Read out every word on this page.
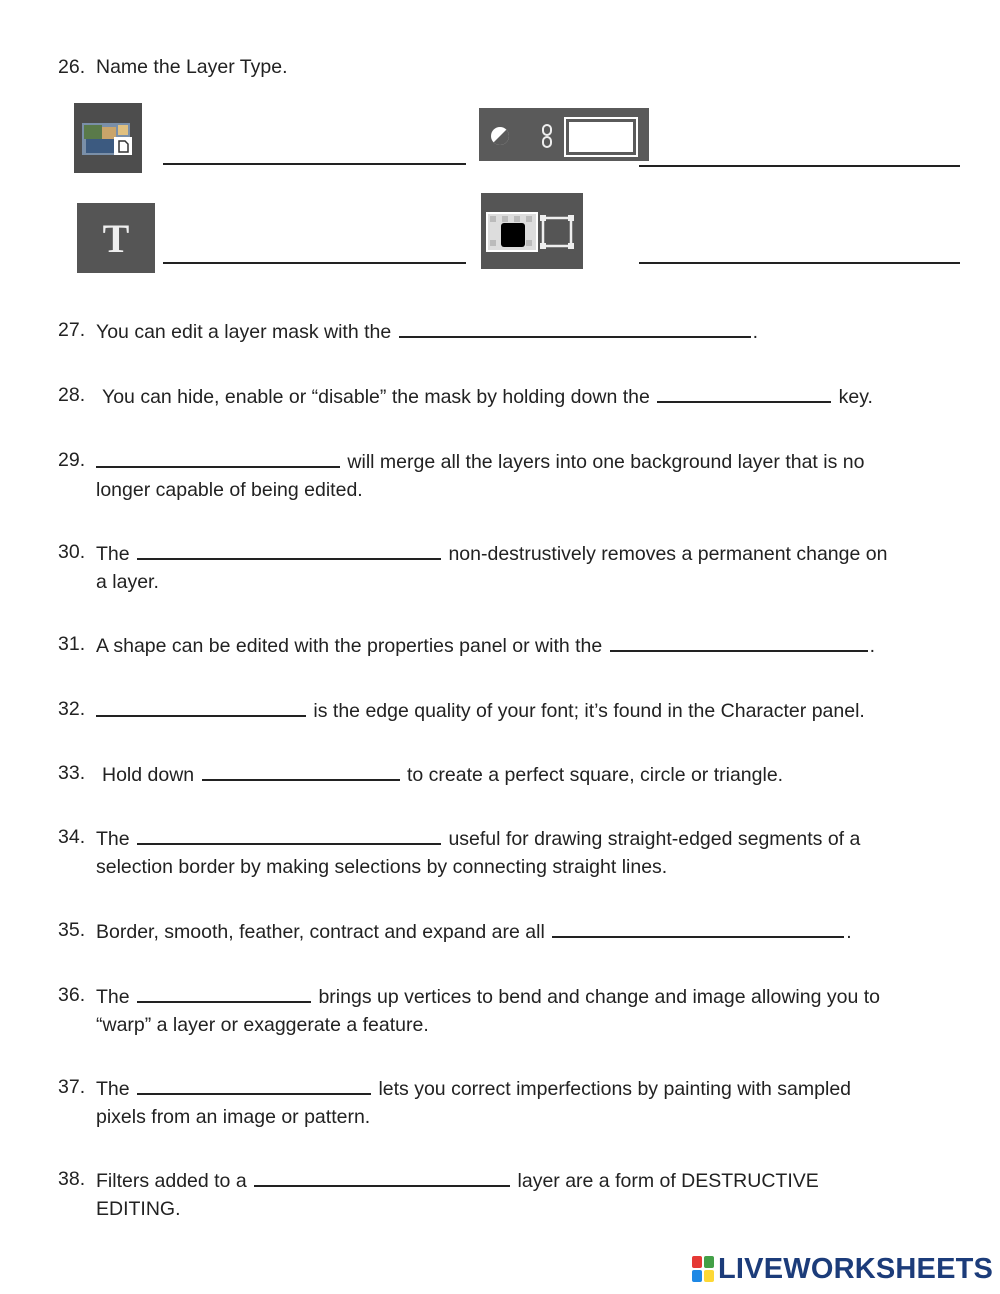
26. Name the Layer Type.
T
27. You can edit a layer mask with the	.
28. You can hide, enable or “disable” the mask by holding down the	key.
29.	will merge all the layers into one background layer that is no
longer capable of being edited.
30. The	non-destrustively removes a permanent change on
a layer.
31. A shape can be edited with the properties panel or with the	.
32.	is the edge quality of your font; it’s found in the Character panel.
33. Hold down	to create a perfect square, circle or triangle.
34. The	useful for drawing straight-edged segments of a
selection border by making selections by connecting straight lines.
35. Border, smooth, feather, contract and expand are all	.
36. The	brings up vertices to bend and change and image allowing you to
“warp” a layer or exaggerate a feature.
37. The	lets you correct imperfections by painting with sampled
pixels from an image or pattern.
38. Filters added to a	layer are a form of DESTRUCTIVE
EDITING.
LIVEWORKSHEETS
